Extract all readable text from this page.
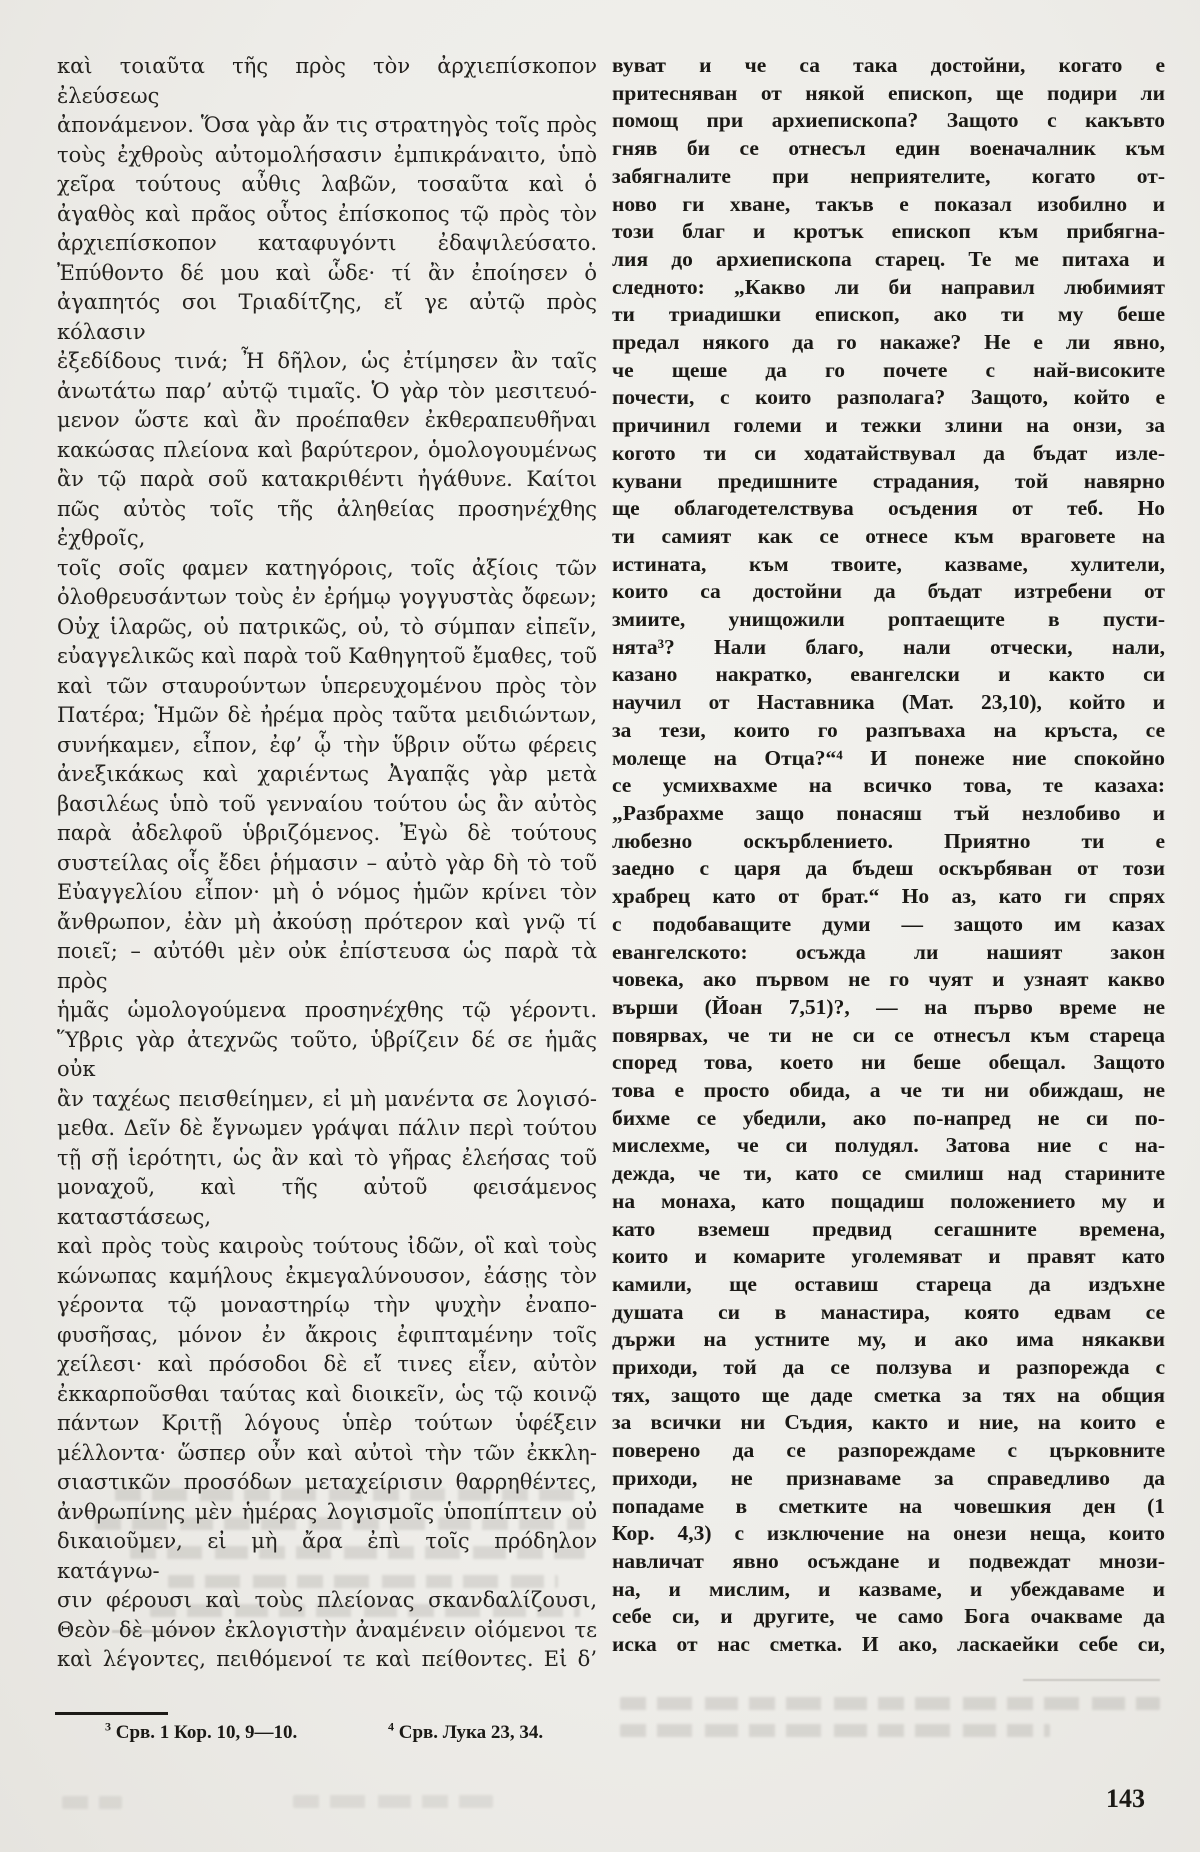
καὶ τοιαῦτα τῆς πρὸς τὸν ἀρχιεπίσκοπον ἐλεύσεως
ἀπονάμενον. Ὅσα γὰρ ἄν τις στρατηγὸς τοῖς πρὸς
τοὺς ἐχθροὺς αὐτομολήσασιν ἐμπικράναιτο, ὑπὸ
χεῖρα τούτους αὖθις λαβῶν, τοσαῦτα καὶ ὁ
ἀγαθὸς καὶ πρᾶος οὗτος ἐπίσκοπος τῷ πρὸς τὸν
ἀρχιεπίσκοπον καταφυγόντι ἐδαψιλεύσατο.
Ἐπύθοντο δέ μου καὶ ὧδε· τί ἂν ἐποίησεν ὁ
ἀγαπητός σοι Τριαδίτζης, εἴ γε αὐτῷ πρὸς κόλασιν
ἐξεδίδους τινά; Ἦ δῆλον, ὡς ἐτίμησεν ἂν ταῖς
ἀνωτάτω παρ’ αὐτῷ τιμαῖς. Ὁ γὰρ τὸν μεσιτευό-
μενον ὥστε καὶ ἂν προέπαθεν ἐκθεραπευθῆναι
κακώσας πλείονα καὶ βαρύτερον, ὁμολογουμένως
ἂν τῷ παρὰ σοῦ κατακριθέντι ἠγάθυνε. Καίτοι
πῶς αὐτὸς τοῖς τῆς ἀληθείας προσηνέχθης ἐχθροῖς,
τοῖς σοῖς φαμεν κατηγόροις, τοῖς ἀξίοις τῶν
ὀλοθρευσάντων τοὺς ἐν ἐρήμῳ γογγυστὰς ὄφεων;
Οὐχ ἱλαρῶς, οὐ πατρικῶς, οὐ, τὸ σύμπαν εἰπεῖν,
εὐαγγελικῶς καὶ παρὰ τοῦ Καθηγητοῦ ἔμαθες, τοῦ
καὶ τῶν σταυρούντων ὑπερευχομένου πρὸς τὸν
Πατέρα; Ἡμῶν δὲ ἠρέμα πρὸς ταῦτα μειδιώντων,
συνήκαμεν, εἶπον, ἐφ’ ᾧ τὴν ὕβριν οὕτω φέρεις
ἀνεξικάκως καὶ χαριέντως Ἀγαπᾷς γὰρ μετὰ
βασιλέως ὑπὸ τοῦ γενναίου τούτου ὡς ἂν αὐτὸς
παρὰ ἀδελφοῦ ὑβριζόμενος. Ἐγὼ δὲ τούτους
συστείλας οἷς ἔδει ῥήμασιν – αὐτὸ γὰρ δὴ τὸ τοῦ
Εὐαγγελίου εἶπον· μὴ ὁ νόμος ἡμῶν κρίνει τὸν
ἄνθρωπον, ἐὰν μὴ ἀκούσῃ πρότερον καὶ γνῷ τί
ποιεῖ; – αὐτόθι μὲν οὐκ ἐπίστευσα ὡς παρὰ τὰ πρὸς
ἡμᾶς ὡμολογούμενα προσηνέχθης τῷ γέροντι.
Ὕβρις γὰρ ἀτεχνῶς τοῦτο, ὑβρίζειν δέ σε ἡμᾶς οὐκ
ἂν ταχέως πεισθείημεν, εἰ μὴ μανέντα σε λογισό-
μεθα. Δεῖν δὲ ἔγνωμεν γράψαι πάλιν περὶ τούτου
τῇ σῇ ἱερότητι, ὡς ἂν καὶ τὸ γῆρας ἐλεήσας τοῦ
μοναχοῦ, καὶ τῆς αὐτοῦ φεισάμενος καταστάσεως,
καὶ πρὸς τοὺς καιροὺς τούτους ἰδῶν, οἳ καὶ τοὺς
κώνωπας καμήλους ἐκμεγαλύνουσον, ἐάσῃς τὸν
γέροντα τῷ μοναστηρίῳ τὴν ψυχὴν ἐναπο-
φυσῆσας, μόνον ἐν ἄκροις ἐφιπταμένην τοῖς
χείλεσι· καὶ πρόσοδοι δὲ εἴ τινες εἶεν, αὐτὸν
ἐκκαρποῦσθαι ταύτας καὶ διοικεῖν, ὡς τῷ κοινῷ
πάντων Κριτῇ λόγους ὑπὲρ τούτων ὑφέξειν
μέλλοντα· ὥσπερ οὖν καὶ αὐτοὶ τὴν τῶν ἐκκλη-
σιαστικῶν προσόδων μεταχείρισιν θαρρηθέντες,
ἀνθρωπίνης μὲν ἡμέρας λογισμοῖς ὑποπίπτειν οὐ
δικαιοῦμεν, εἰ μὴ ἄρα ἐπὶ τοῖς πρόδηλον κατάγνω-
σιν φέρουσι καὶ τοὺς πλείονας σκανδαλίζουσι,
Θεὸν δὲ μόνον ἐκλογιστὴν ἀναμένειν οἰόμενοι τε
καὶ λέγοντες, πειθόμενοί τε καὶ πείθοντες. Εἰ δ’
вуват и че са така достойни, когато е
притесняван от някой епископ, ще подири ли
помощ при архиепископа? Защото с какъвто
гняв би се отнесъл един военачалник към
забягналите при неприятелите, когато от-
ново ги хване, такъв е показал изобилно и
този благ и кротък епископ към прибягна-
лия до архиепископа старец. Те ме питаха и
следното: „Какво ли би направил любимият
ти триадишки епископ, ако ти му беше
предал някого да го накаже? Не е ли явно,
че щеше да го почете с най-високите
почести, с които разполага? Защото, който е
причинил големи и тежки злини на онзи, за
когото ти си ходатайствувал да бъдат изле-
кувани предишните страдания, той навярно
ще облагодетелствува осъдения от теб. Но
ти самият как се отнесе към враговете на
истината, към твоите, казваме, хулители,
които са достойни да бъдат изтребени от
змиите, унищожили роптаещите в пусти-
нята³? Нали благо, нали отчески, нали,
казано накратко, евангелски и както си
научил от Наставника (Мат. 23,10), който и
за тези, които го разпъваха на кръста, се
молеще на Отца?“⁴ И понеже ние спокойно
се усмихвахме на всичко това, те казаха:
„Разбрахме защо понасяш тъй незлобиво и
любезно оскърблението. Приятно ти е
заедно с царя да бъдеш оскърбяван от този
храбрец като от брат.“ Но аз, като ги спрях
с подобаващите думи — защото им казах
евангелското: осъжда ли нашият закон
човека, ако първом не го чуят и узнаят какво
върши (Йоан 7,51)?, — на първо време не
повярвах, че ти не си се отнесъл към стареца
според това, което ни беше обещал. Защото
това е просто обида, а че ти ни обиждаш, не
бихме се убедили, ако по-напред не си по-
мислехме, че си полудял. Затова ние с на-
дежда, че ти, като се смилиш над старините
на монаха, като пощадиш положението му и
като вземеш предвид сегашните времена,
които и комарите уголемяват и правят като
камили, ще оставиш стареца да издъхне
душата си в манастира, която едвам се
държи на устните му, и ако има някакви
приходи, той да се ползува и разпорежда с
тях, защото ще даде сметка за тях на общия
за всички ни Съдия, както и ние, на които е
поверено да се разпореждаме с църковните
приходи, не признаваме за справедливо да
попадаме в сметките на човешкия ден (1
Кор. 4,3) с изключение на онези неща, които
навличат явно осъждане и подвеждат мнози-
на, и мислим, и казваме, и убеждаваме и
себе си, и другите, че само Бога очакваме да
иска от нас сметка. И ако, ласкаейки себе си,
$^3$ Срв. 1 Кор. 10, 9—10.	$^4$ Срв. Лука 23, 34.
143
